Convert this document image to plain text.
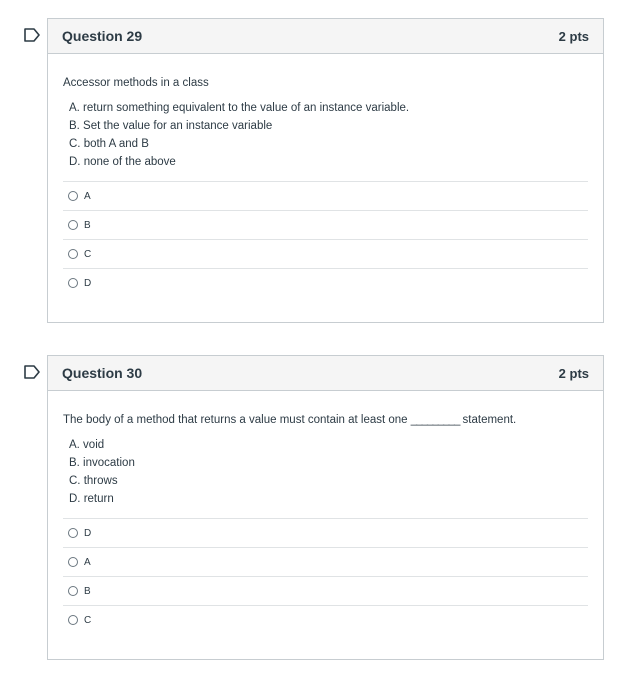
Question 29	2 pts

Accessor methods in a class

A. return something equivalent to the value of an instance variable.
B. Set the value for an instance variable
C. both A and B
D. none of the above
A
B
C
D
Question 30	2 pts

The body of a method that returns a value must contain at least one _________ statement.

A. void
B. invocation
C. throws
D. return
D
A
B
C
